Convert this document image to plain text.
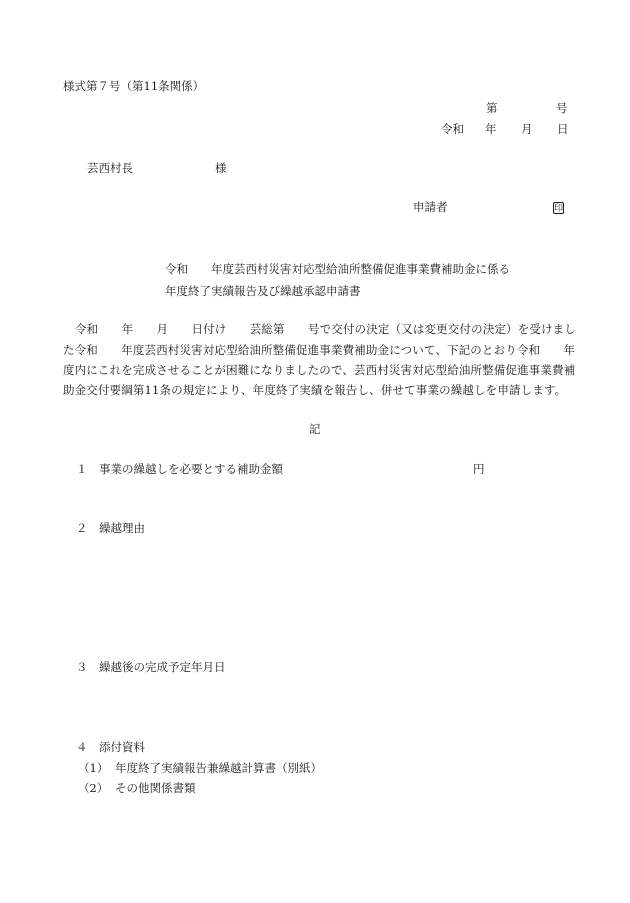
様式第７号（第11条関係）
第	号
令和 年 月 日
芸西村長	様
申請者	印
令和　　年度芸西村災害対応型給油所整備促進事業費補助金に係る
年度終了実績報告及び繰越承認申請書
令和　　年　　月　　日付け　　芸総第　　号で交付の決定（又は変更交付の決定）を受けまし
た令和　　年度芸西村災害対応型給油所整備促進事業費補助金について、下記のとおり令和　　年
度内にこれを完成させることが困難になりましたので、芸西村災害対応型給油所整備促進事業費補
助金交付要綱第11条の規定により、年度終了実績を報告し、併せて事業の繰越しを申請します。
記
１ 事業の繰越しを必要とする補助金額	円
２ 繰越理由
３ 繰越後の完成予定年月日
４ 添付資料
（1） 年度終了実績報告兼繰越計算書（別紙）
（2） その他関係書類
